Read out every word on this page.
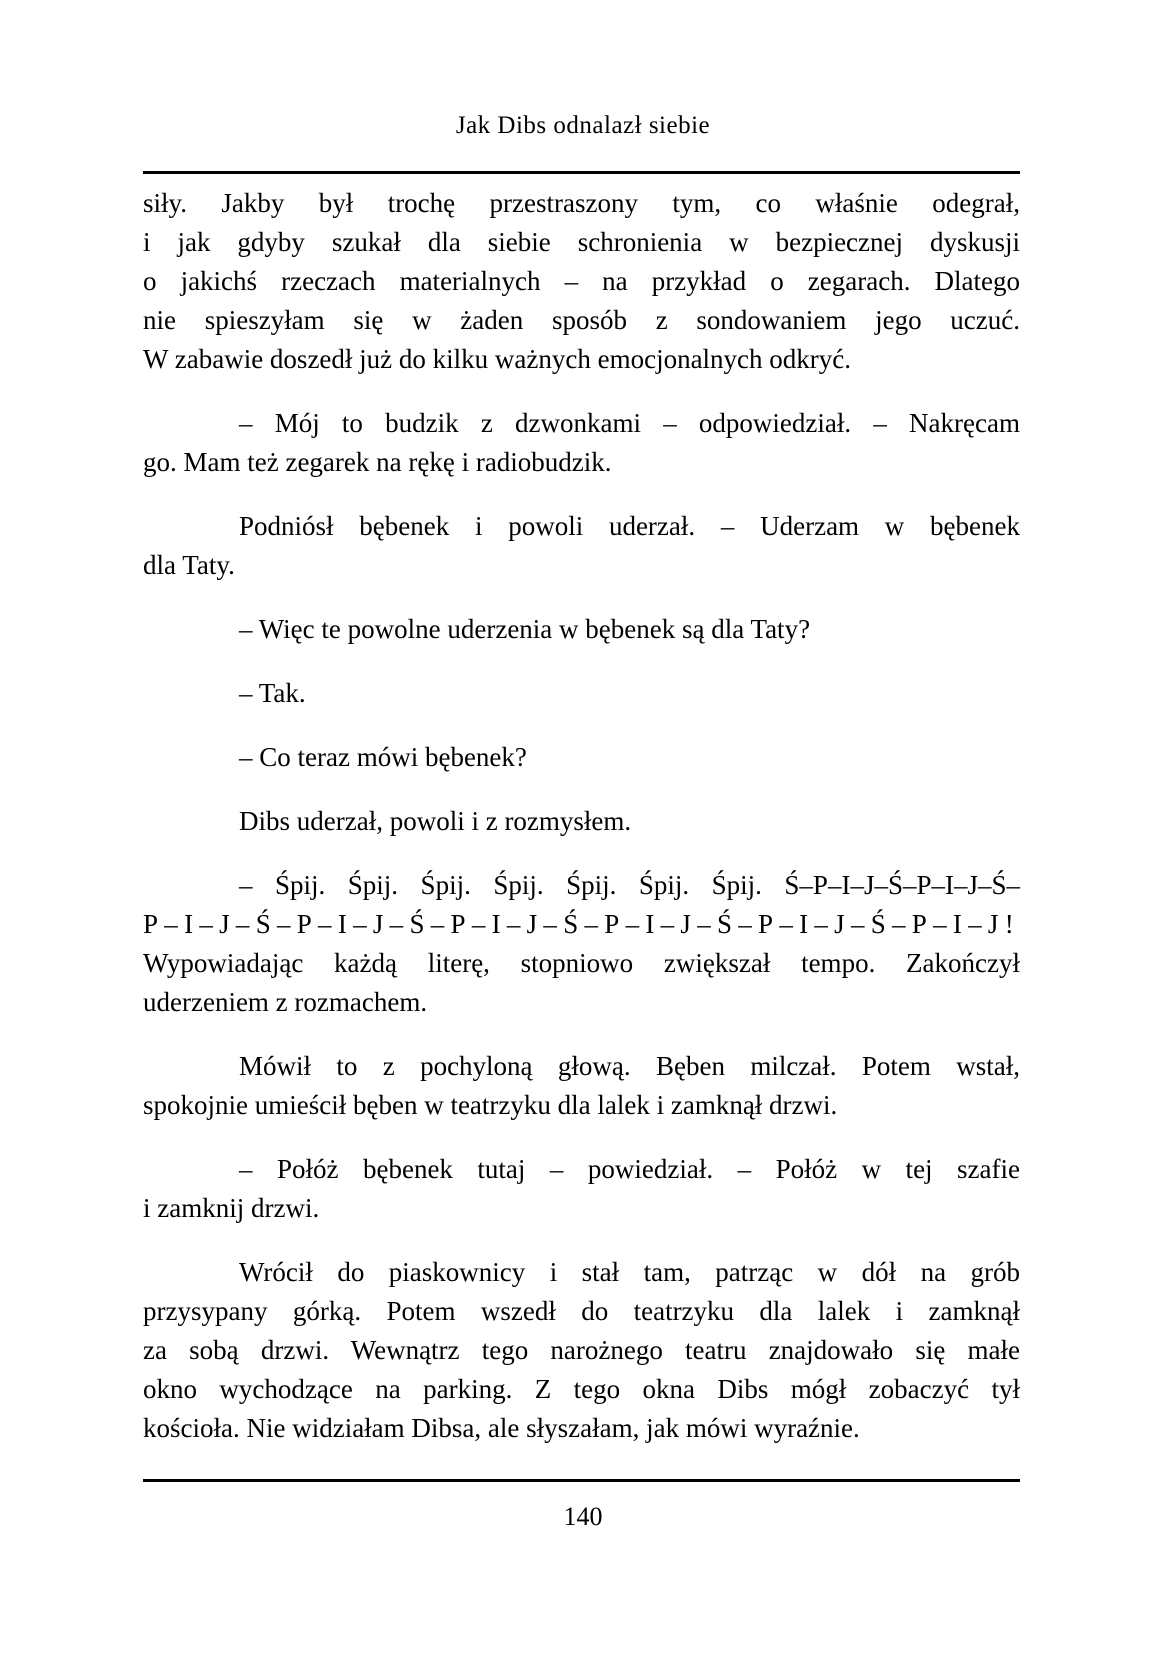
Jak Dibs odnalazł siebie
siły. Jakby był trochę przestraszony tym, co właśnie odegrał,
i jak gdyby szukał dla siebie schronienia w bezpiecznej dyskusji
o jakichś rzeczach materialnych – na przykład o zegarach. Dlatego
nie spieszyłam się w żaden sposób z sondowaniem jego uczuć.
W zabawie doszedł już do kilku ważnych emocjonalnych odkryć.
– Mój to budzik z dzwonkami – odpowiedział. – Nakręcam
go. Mam też zegarek na rękę i radiobudzik.
Podniósł bębenek i powoli uderzał. – Uderzam w bębenek
dla Taty.
– Więc te powolne uderzenia w bębenek są dla Taty?
– Tak.
– Co teraz mówi bębenek?
Dibs uderzał, powoli i z rozmysłem.
– Śpij. Śpij. Śpij. Śpij. Śpij. Śpij. Śpij. Ś–P–I–J–Ś–P–I–J–Ś–
P–I–J–Ś–P–I–J–Ś–P–I–J–Ś–P–I–J–Ś–P–I–J–Ś–P–I–J!
Wypowiadając każdą literę, stopniowo zwiększał tempo. Zakończył
uderzeniem z rozmachem.
Mówił to z pochyloną głową. Bęben milczał. Potem wstał,
spokojnie umieścił bęben w teatrzyku dla lalek i zamknął drzwi.
– Połóż bębenek tutaj – powiedział. – Połóż w tej szafie
i zamknij drzwi.
Wrócił do piaskownicy i stał tam, patrząc w dół na grób
przysypany górką. Potem wszedł do teatrzyku dla lalek i zamknął
za sobą drzwi. Wewnątrz tego narożnego teatru znajdowało się małe
okno wychodzące na parking. Z tego okna Dibs mógł zobaczyć tył
kościoła. Nie widziałam Dibsa, ale słyszałam, jak mówi wyraźnie.
140
